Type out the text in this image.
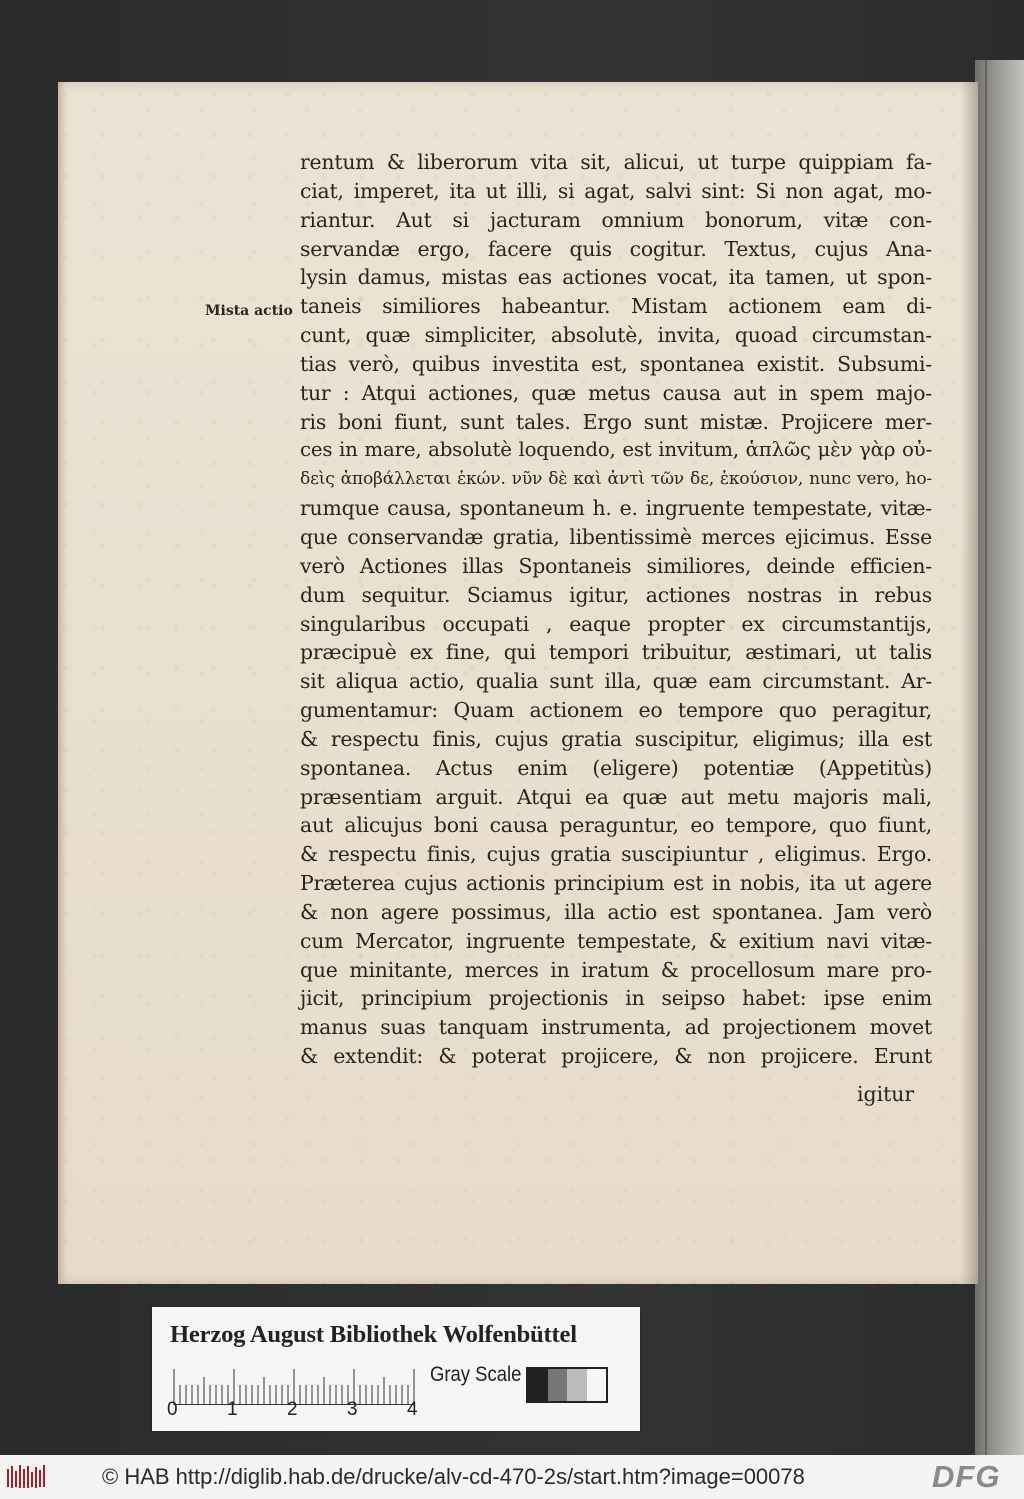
Mista actio
rentum & liberorum vita sit, alicui, ut turpe quippiam fa-
ciat, imperet, ita ut illi, si agat, salvi sint: Si non agat, mo-
riantur. Aut si jacturam omnium bonorum, vitæ con-
servandæ ergo, facere quis cogitur. Textus, cujus Ana-
lysin damus, mistas eas actiones vocat, ita tamen, ut spon-
taneis similiores habeantur. Mistam actionem eam di-
cunt, quæ simpliciter, absolutè, invita, quoad circumstan-
tias verò, quibus investita est, spontanea existit. Subsumi-
tur : Atqui actiones, quæ metus causa aut in spem majo-
ris boni fiunt, sunt tales. Ergo sunt mistæ. Projicere mer-
ces in mare, absolutè loquendo, est invitum, ἁπλῶς μὲν γὰρ οὐ-
δεὶς ἀποβάλλεται ἑκών. νῦν δὲ καὶ ἀντὶ τῶν δε, ἑκούσιον, nunc vero, ho-
rumque causa, spontaneum h. e. ingruente tempestate, vitæ-
que conservandæ gratia, libentissimè merces ejicimus. Esse
verò Actiones illas Spontaneis similiores, deinde efficien-
dum sequitur. Sciamus igitur, actiones nostras in rebus
singularibus occupati , eaque propter ex circumstantijs,
præcipuè ex fine, qui tempori tribuitur, æstimari, ut talis
sit aliqua actio, qualia sunt illa, quæ eam circumstant. Ar-
gumentamur: Quam actionem eo tempore quo peragitur,
& respectu finis, cujus gratia suscipitur, eligimus; illa est
spontanea. Actus enim (eligere) potentiæ (Appetitùs)
præsentiam arguit. Atqui ea quæ aut metu majoris mali,
aut alicujus boni causa peraguntur, eo tempore, quo fiunt,
& respectu finis, cujus gratia suscipiuntur , eligimus. Ergo.
Præterea cujus actionis principium est in nobis, ita ut agere
& non agere possimus, illa actio est spontanea. Jam verò
cum Mercator, ingruente tempestate, & exitium navi vitæ-
que minitante, merces in iratum & procellosum mare pro-
jicit, principium projectionis in seipso habet: ipse enim
manus suas tanquam instrumenta, ad projectionem movet
& extendit: & poterat projicere, & non projicere. Erunt
igitur
Herzog August Bibliothek Wolfenbüttel
0	1	2	3	4
Gray Scale
© HAB http://diglib.hab.de/drucke/alv-cd-470-2s/start.htm?image=00078	DFG
